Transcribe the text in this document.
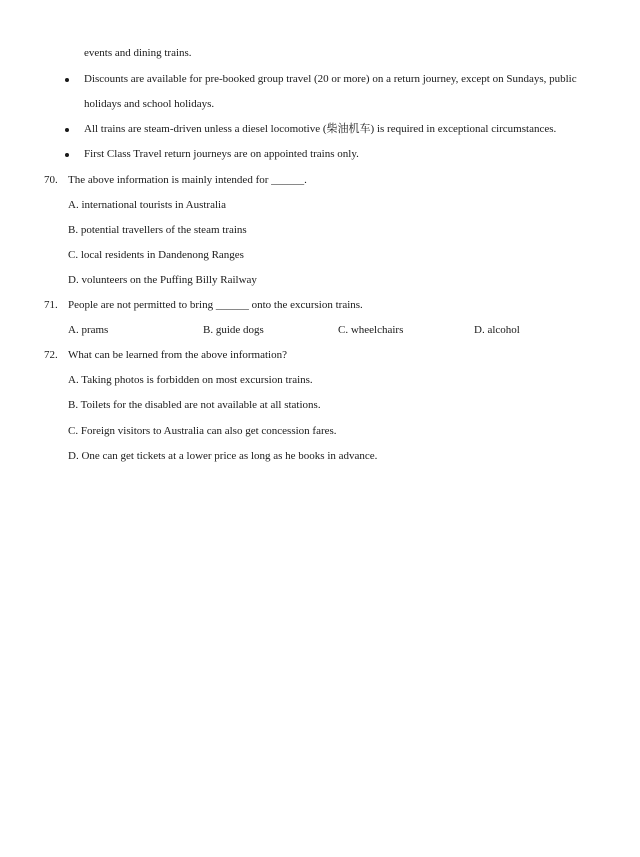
events and dining trains.
Discounts are available for pre-booked group travel (20 or more) on a return journey, except on Sundays, public
holidays and school holidays.
All trains are steam-driven unless a diesel locomotive (柴油机车) is required in exceptional circumstances.
First Class Travel return journeys are on appointed trains only.
70. The above information is mainly intended for ______.
A. international tourists in Australia
B. potential travellers of the steam trains
C. local residents in Dandenong Ranges
D. volunteers on the Puffing Billy Railway
71. People are not permitted to bring ______ onto the excursion trains.
A. prams	B. guide dogs	C. wheelchairs	D. alcohol
72. What can be learned from the above information?
A. Taking photos is forbidden on most excursion trains.
B. Toilets for the disabled are not available at all stations.
C. Foreign visitors to Australia can also get concession fares.
D. One can get tickets at a lower price as long as he books in advance.
